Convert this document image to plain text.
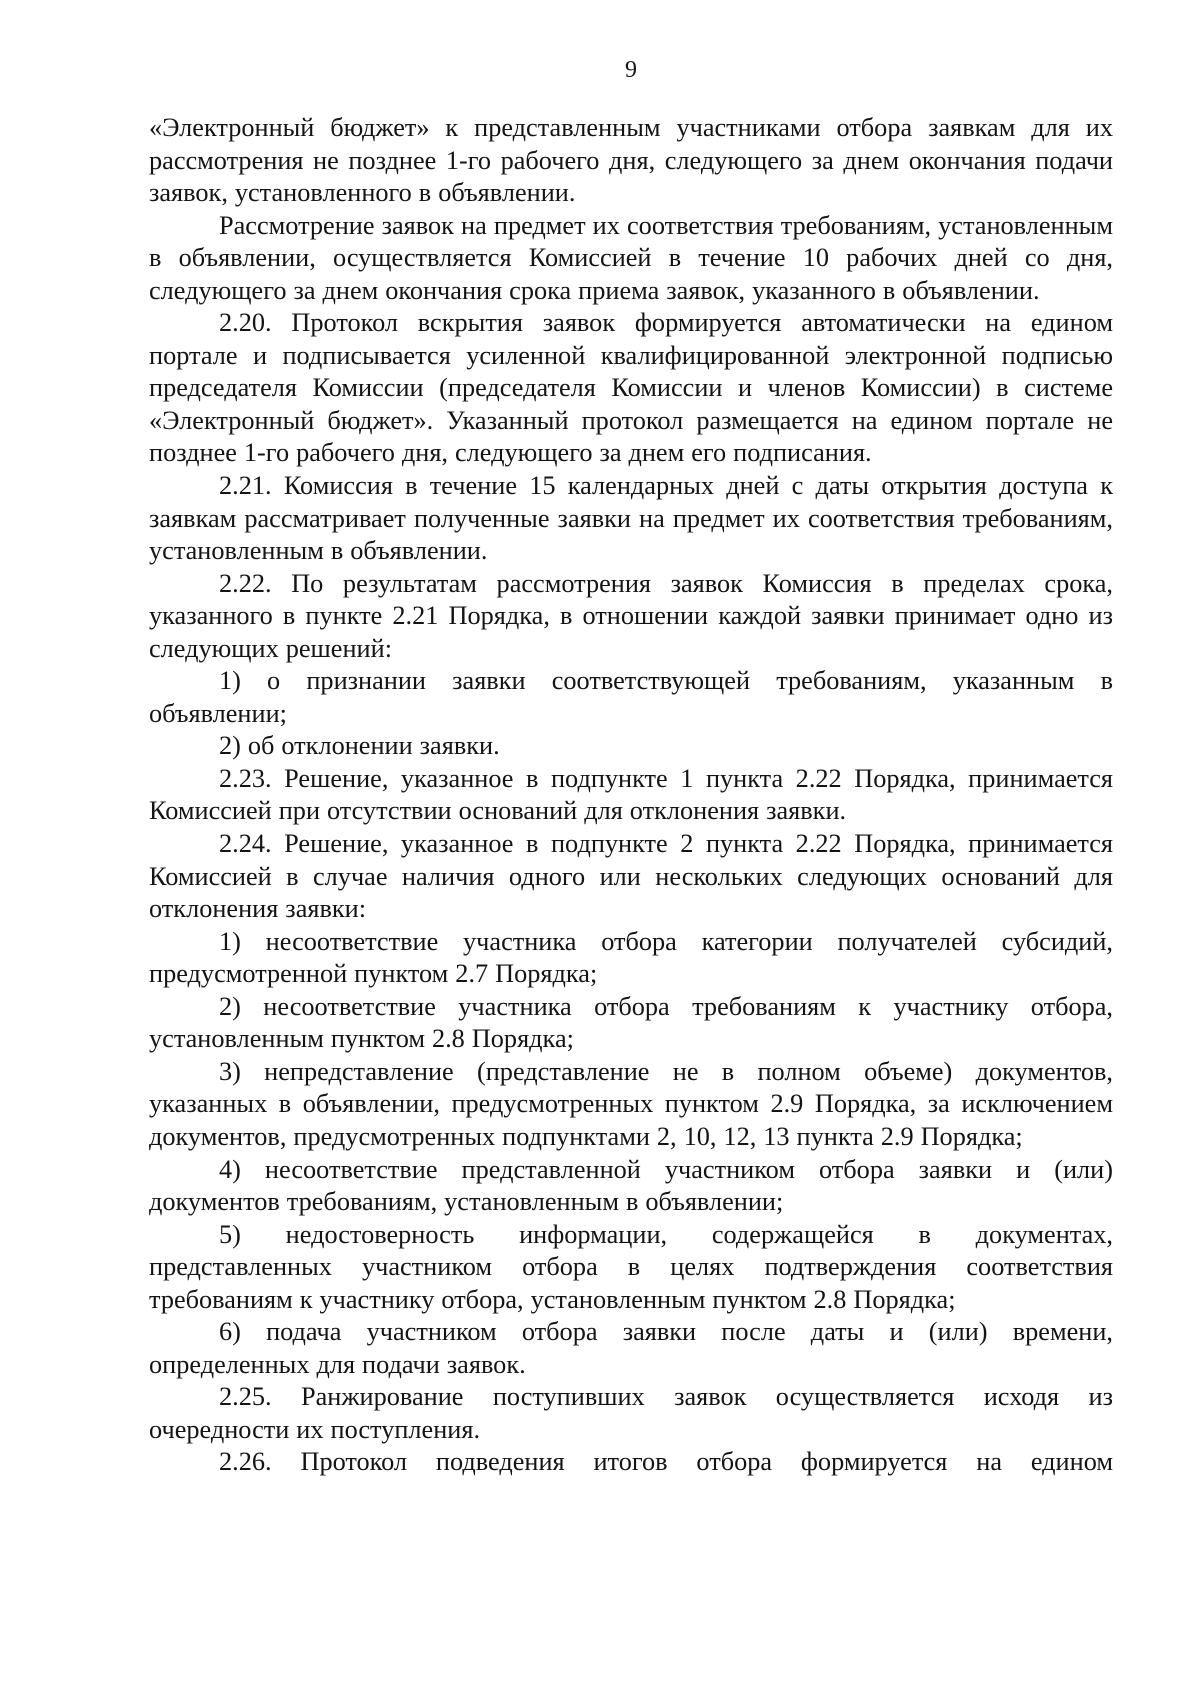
9

«Электронный бюджет» к представленным участниками отбора заявкам для их рассмотрения не позднее 1-го рабочего дня, следующего за днем окончания подачи заявок, установленного в объявлении.

Рассмотрение заявок на предмет их соответствия требованиям, установленным в объявлении, осуществляется Комиссией в течение 10 рабочих дней со дня, следующего за днем окончания срока приема заявок, указанного в объявлении.

2.20. Протокол вскрытия заявок формируется автоматически на едином портале и подписывается усиленной квалифицированной электронной подписью председателя Комиссии (председателя Комиссии и членов Комиссии) в системе «Электронный бюджет». Указанный протокол размещается на едином портале не позднее 1-го рабочего дня, следующего за днем его подписания.

2.21. Комиссия в течение 15 календарных дней с даты открытия доступа к заявкам рассматривает полученные заявки на предмет их соответствия требованиям, установленным в объявлении.

2.22. По результатам рассмотрения заявок Комиссия в пределах срока, указанного в пункте 2.21 Порядка, в отношении каждой заявки принимает одно из следующих решений:

1) о признании заявки соответствующей требованиям, указанным в объявлении;

2) об отклонении заявки.

2.23. Решение, указанное в подпункте 1 пункта 2.22 Порядка, принимается Комиссией при отсутствии оснований для отклонения заявки.

2.24. Решение, указанное в подпункте 2 пункта 2.22 Порядка, принимается Комиссией в случае наличия одного или нескольких следующих оснований для отклонения заявки:

1) несоответствие участника отбора категории получателей субсидий, предусмотренной пунктом 2.7 Порядка;

2) несоответствие участника отбора требованиям к участнику отбора, установленным пунктом 2.8 Порядка;

3) непредставление (представление не в полном объеме) документов, указанных в объявлении, предусмотренных пунктом 2.9 Порядка, за исключением документов, предусмотренных подпунктами 2, 10, 12, 13 пункта 2.9 Порядка;

4) несоответствие представленной участником отбора заявки и (или) документов требованиям, установленным в объявлении;

5) недостоверность информации, содержащейся в документах, представленных участником отбора в целях подтверждения соответствия требованиям к участнику отбора, установленным пунктом 2.8 Порядка;

6) подача участником отбора заявки после даты и (или) времени, определенных для подачи заявок.

2.25. Ранжирование поступивших заявок осуществляется исходя из очередности их поступления.

2.26. Протокол подведения итогов отбора формируется на едином
